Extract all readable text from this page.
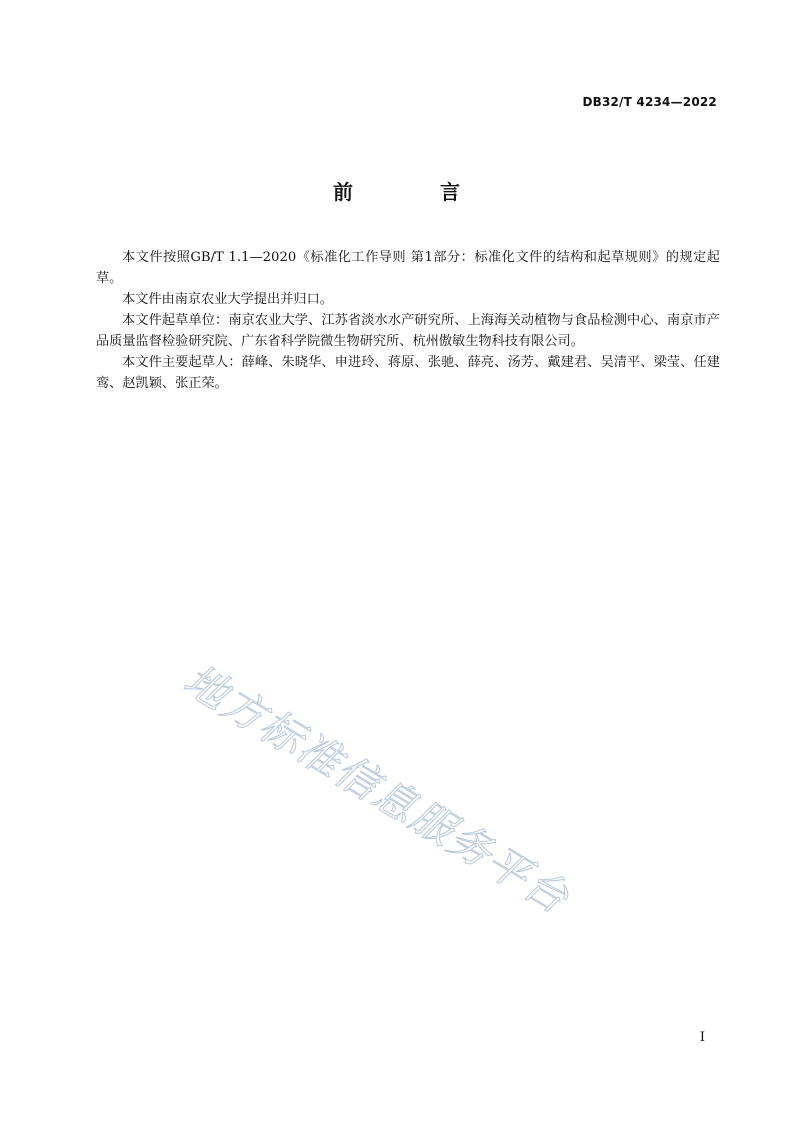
DB32/T 4234—2022
前 言

本文件按照GB/T 1.1—2020《标准化工作导则 第1部分：标准化文件的结构和起草规则》的规定起草。

本文件由南京农业大学提出并归口。

本文件起草单位：南京农业大学、江苏省淡水水产研究所、上海海关动植物与食品检测中心、南京市产品质量监督检验研究院、广东省科学院微生物研究所、杭州傲敏生物科技有限公司。

本文件主要起草人：薛峰、朱晓华、申进玲、蒋原、张驰、薛亮、汤芳、戴建君、吴清平、梁莹、任建鸾、赵凯颖、张正荣。

地方标准信息服务平台
I
